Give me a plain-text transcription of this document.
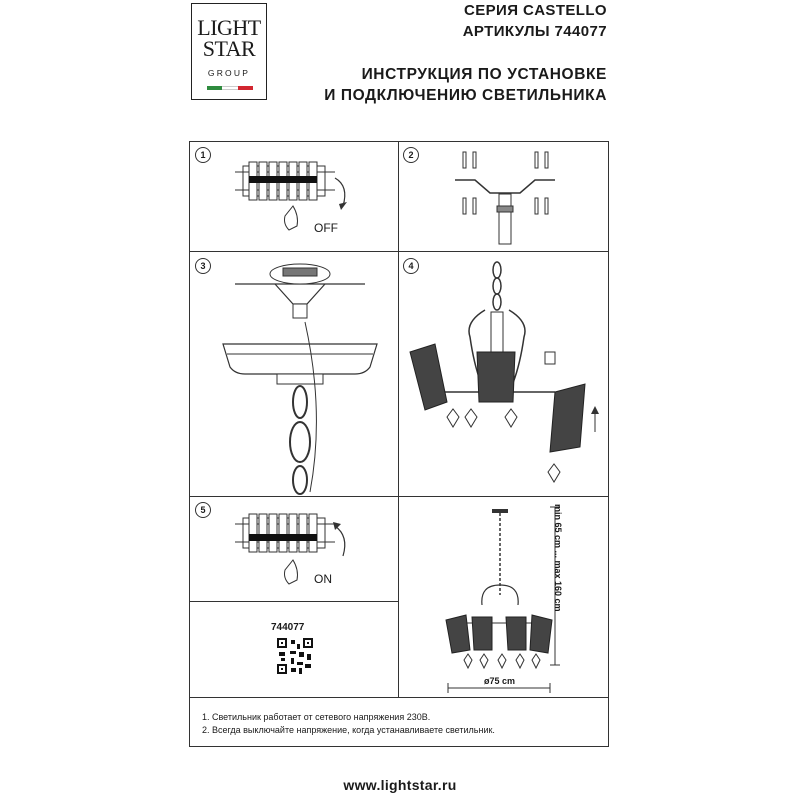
LIGHT
STAR
GROUP
СЕРИЯ CASTELLO
АРТИКУЛЫ 744077
ИНСТРУКЦИЯ ПО УСТАНОВКЕ
И ПОДКЛЮЧЕНИЮ СВЕТИЛЬНИКА
1	2
3	4
5
OFF
ON
744077
min 65 cm ... max 160 cm
ø75 cm
1. Светильник работает от сетевого напряжения 230В.
2. Всегда выключайте напряжение, когда устанавливаете светильник.
www.lightstar.ru
